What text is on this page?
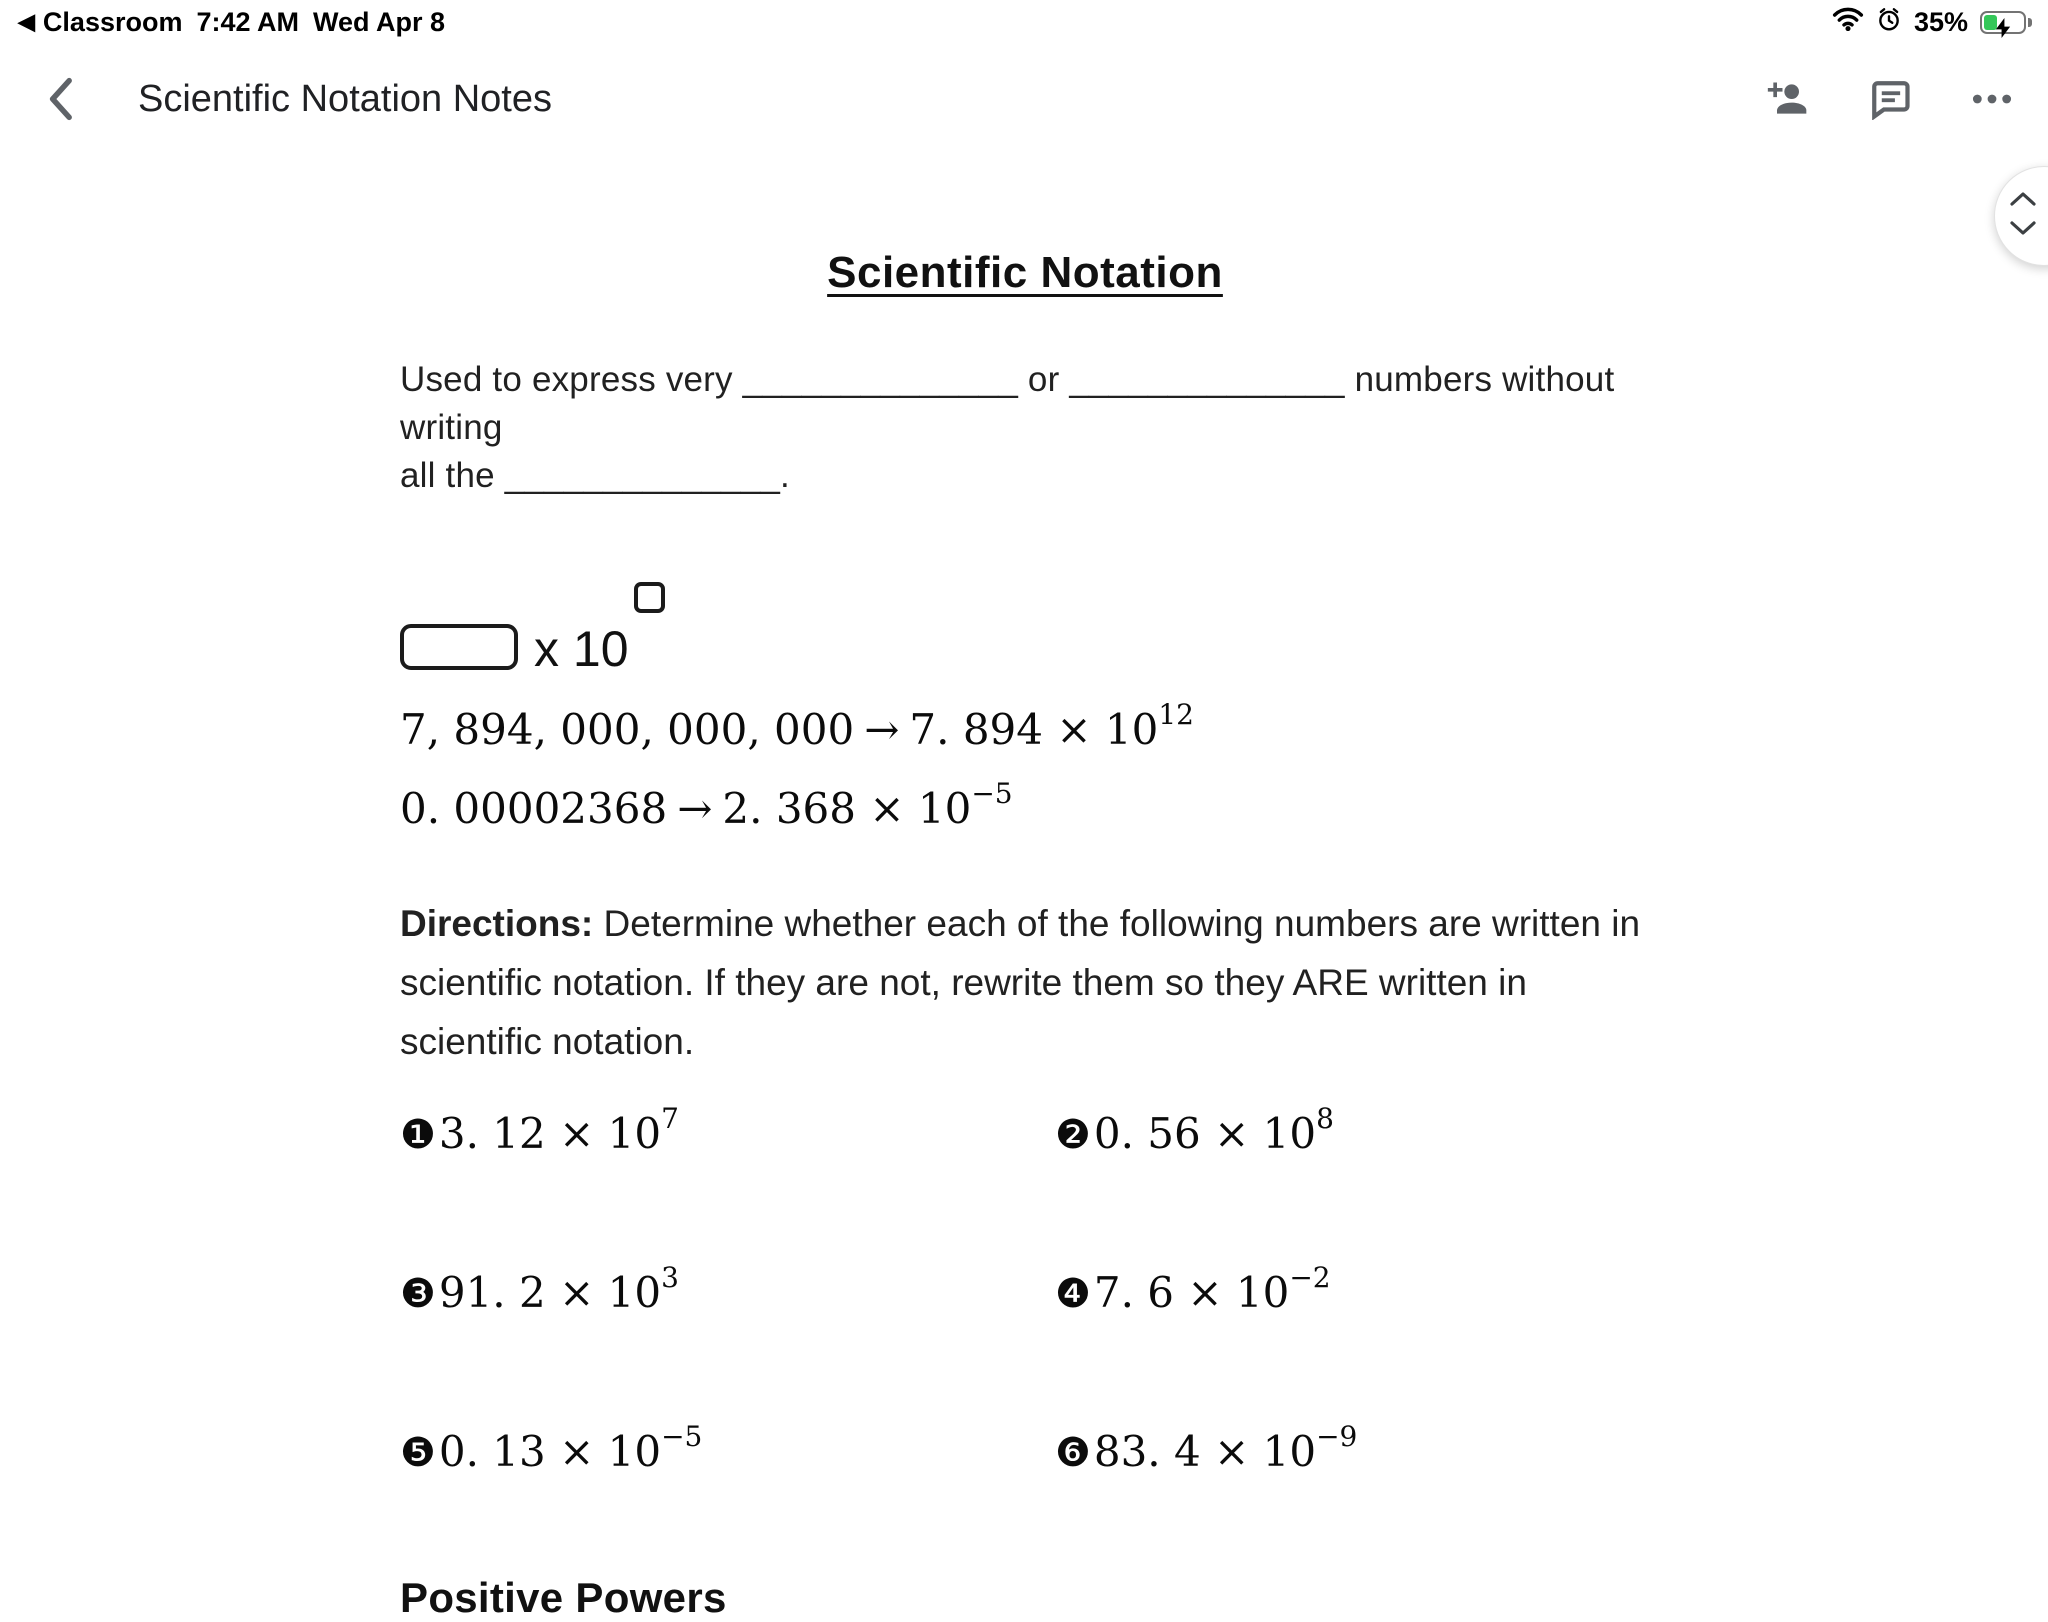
◀ Classroom 7:42 AM Wed Apr 8	35%
Scientific Notation Notes
Scientific Notation
Used to express very ______________ or ______________ numbers without writing
all the ______________.
x 10
7, 894, 000, 000, 000 → 7. $894 \times 10^{12}$
0. 00002368 → 2. $368 \times 10^{-5}$
Directions: Determine whether each of the following numbers are written in scientific notation. If they are not, rewrite them so they ARE written in scientific notation.
❶3. $12 \times 10^7$	❷0. $56 \times 10^8$
❸91. $2 \times 10^3$	❹7. $6 \times 10^{-2}$
❺0. $13 \times 10^{-5}$	❻83. $4 \times 10^{-9}$
Positive Powers
